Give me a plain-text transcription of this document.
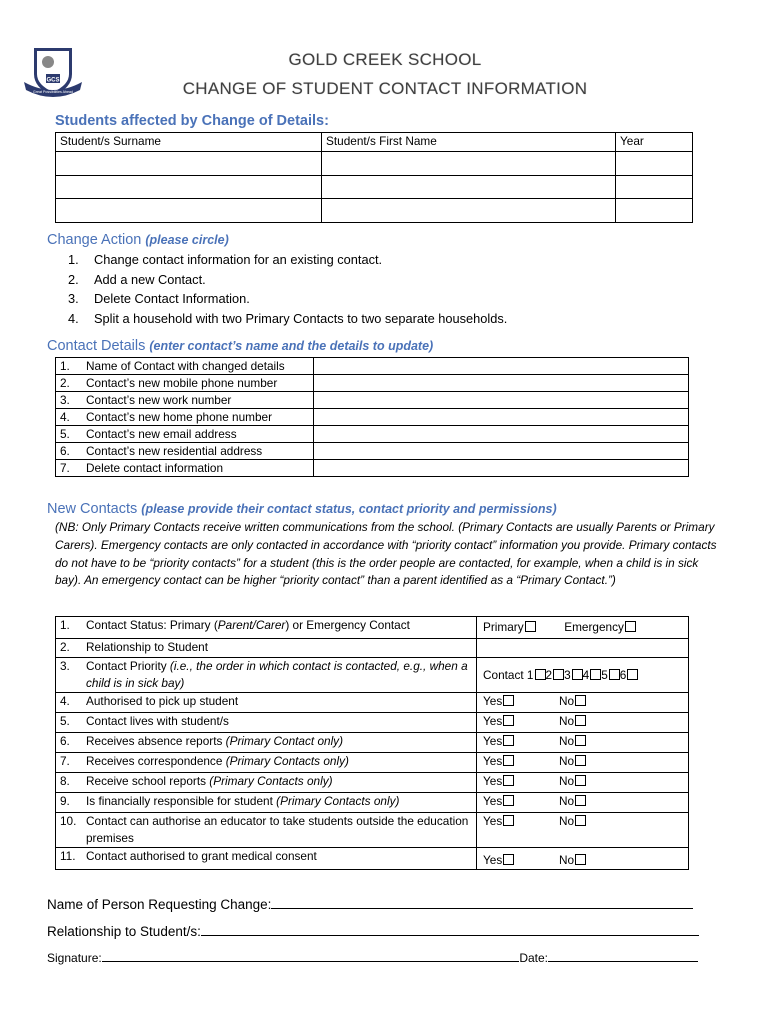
GCS
Great Possibilities Ahead
GOLD CREEK SCHOOL
CHANGE OF STUDENT CONTACT INFORMATION
Students affected by Change of Details:
Student/s Surname	Student/s First Name	Year

Change Action (please circle)
1.	Change contact information for an existing contact.
2.	Add a new Contact.
3.	Delete Contact Information.
4.	Split a household with two Primary Contacts to two separate households.
Contact Details (enter contact’s name and the details to update)
1. Name of Contact with changed details	
2. Contact’s new mobile phone number	
3. Contact’s new work number	
4. Contact’s new home phone number	
5. Contact’s new email address	
6. Contact’s new residential address	
7. Delete contact information	
New Contacts (please provide their contact status, contact priority and permissions)
(NB: Only Primary Contacts receive written communications from the school. (Primary Contacts are usually Parents or Primary Carers). Emergency contacts are only contacted in accordance with “priority contact” information you provide. Primary contacts do not have to be “priority contacts” for a student (this is the order people are contacted, for example, when a child is in sick bay). An emergency contact can be higher “priority contact” than a parent identified as a “Primary Contact.”)
1. Contact Status: Primary (Parent/Carer) or Emergency Contact	Primary Emergency
2. Relationship to Student	
3. Contact Priority (i.e., the order in which contact is contacted, e.g., when a child is in sick bay)	Contact 1 2 3 4 5 6
4. Authorised to pick up student	Yes No
5. Contact lives with student/s	Yes No
6. Receives absence reports (Primary Contact only)	Yes No
7. Receives correspondence (Primary Contacts only)	Yes No
8. Receive school reports (Primary Contacts only)	Yes No
9. Is financially responsible for student (Primary Contacts only)	Yes No
10. Contact can authorise an educator to take students outside the education premises	Yes No
11. Contact authorised to grant medical consent	Yes No
Name of Person Requesting Change:
Relationship to Student/s:
Signature:	Date:
